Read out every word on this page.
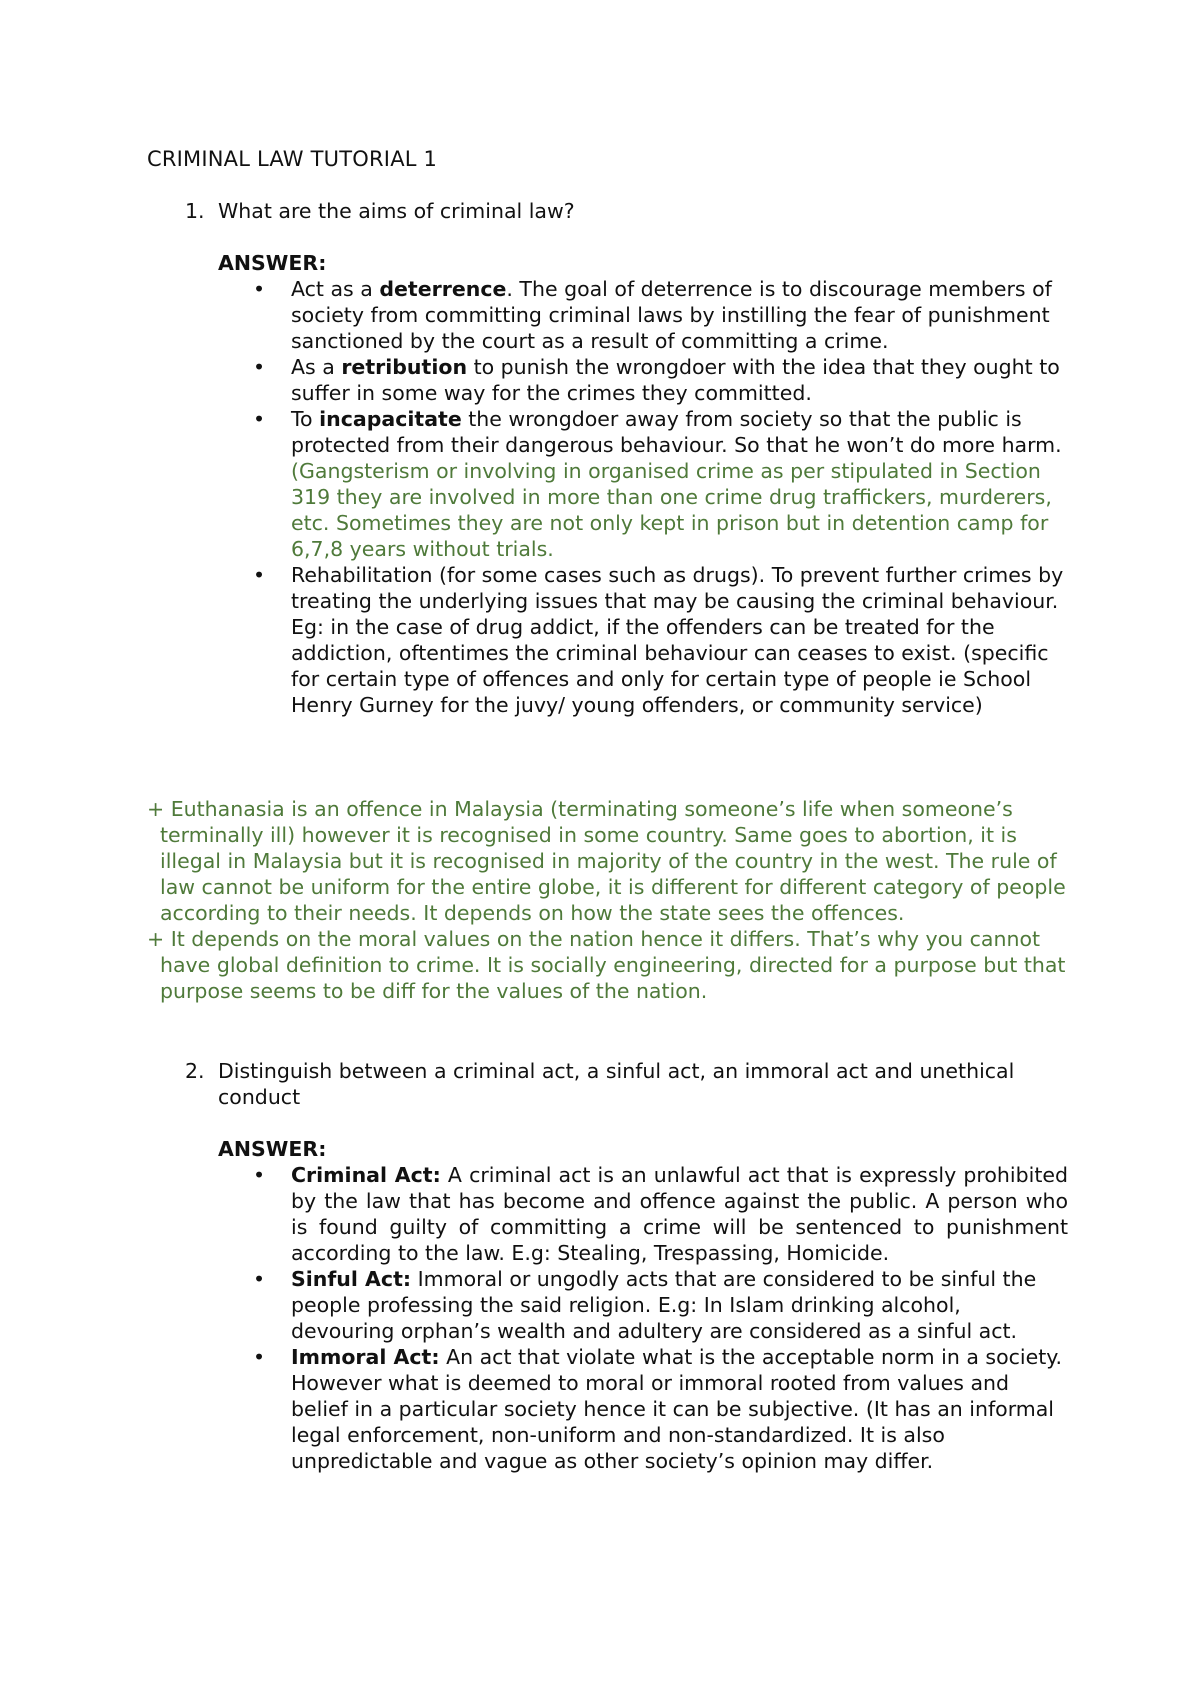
CRIMINAL LAW TUTORIAL 1
1. What are the aims of criminal law?
ANSWER:
• Act as a deterrence. The goal of deterrence is to discourage members of society from committing criminal laws by instilling the fear of punishment sanctioned by the court as a result of committing a crime.
• As a retribution to punish the wrongdoer with the idea that they ought to suffer in some way for the crimes they committed.
• To incapacitate the wrongdoer away from society so that the public is protected from their dangerous behaviour. So that he won’t do more harm. (Gangsterism or involving in organised crime as per stipulated in Section 319 they are involved in more than one crime drug traffickers, murderers, etc. Sometimes they are not only kept in prison but in detention camp for 6,7,8 years without trials.
• Rehabilitation (for some cases such as drugs). To prevent further crimes by treating the underlying issues that may be causing the criminal behaviour. Eg: in the case of drug addict, if the offenders can be treated for the addiction, oftentimes the criminal behaviour can ceases to exist. (specific for certain type of offences and only for certain type of people ie School Henry Gurney for the juvy/ young offenders, or community service)

+ Euthanasia is an offence in Malaysia (terminating someone’s life when someone’s terminally ill) however it is recognised in some country. Same goes to abortion, it is illegal in Malaysia but it is recognised in majority of the country in the west. The rule of law cannot be uniform for the entire globe, it is different for different category of people according to their needs. It depends on how the state sees the offences.

+ It depends on the moral values on the nation hence it differs. That’s why you cannot have global definition to crime. It is socially engineering, directed for a purpose but that purpose seems to be diff for the values of the nation.

2. Distinguish between a criminal act, a sinful act, an immoral act and unethical conduct
ANSWER:
• Criminal Act: A criminal act is an unlawful act that is expressly prohibited by the law that has become and offence against the public. A person who is found guilty of committing a crime will be sentenced to punishment according to the law. E.g: Stealing, Trespassing, Homicide.
• Sinful Act: Immoral or ungodly acts that are considered to be sinful the people professing the said religion. E.g: In Islam drinking alcohol, devouring orphan’s wealth and adultery are considered as a sinful act.
• Immoral Act: An act that violate what is the acceptable norm in a society. However what is deemed to moral or immoral rooted from values and belief in a particular society hence it can be subjective. (It has an informal legal enforcement, non-uniform and non-standardized. It is also unpredictable and vague as other society’s opinion may differ.
